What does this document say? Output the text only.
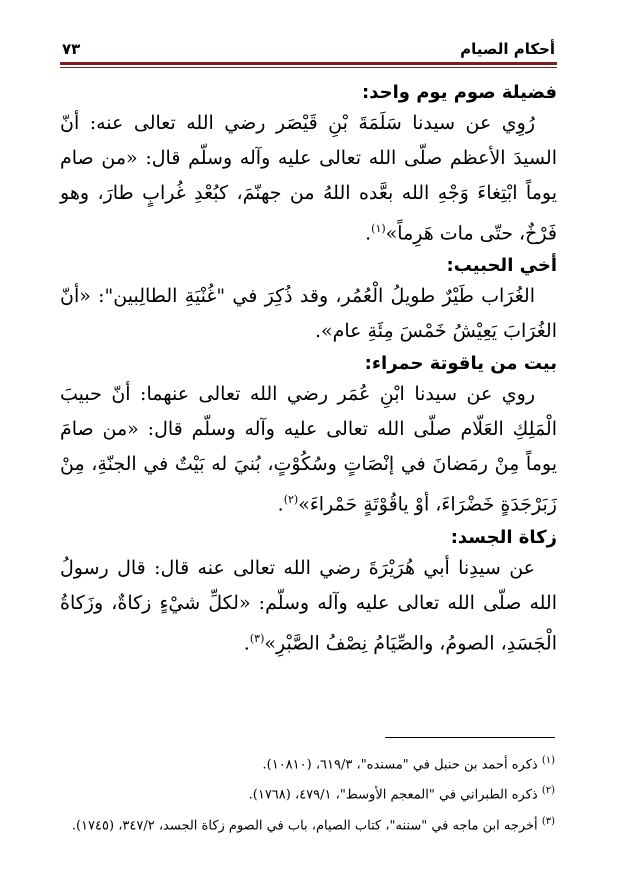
أحكام الصيام
٧٣
فضيلة صوم يوم واحد:

رُوِي عن سيدنا سَلَمَةَ بْنِ قَيْصَر رضي الله تعالى عنه: أنّ السيدَ الأعظم صلّى الله تعالى عليه وآله وسلّم قال: «من صام يوماً ابْتِغاءَ وَجْهِ الله بعَّده اللهُ من جهنّمَ، كبُعْدِ غُرابٍ طارَ، وهو فَرْخٌ، حتّى مات هَرِماً»$^{(١)}$.

أخي الحبيب:

الغُرَاب طَيْرٌ طويلُ الْعُمُر، وقد ذُكِرَ في "غُنْيَةِ الطالِبين": «أنّ الغُرَابَ يَعِيْشُ خَمْسَ مِئَةِ عام».

بيت من ياقوتة حمراء:

روي عن سيدنا ابْنِ عُمَر رضي الله تعالى عنهما: أنّ حبيبَ الْمَلِكِ العَلّام صلّى الله تعالى عليه وآله وسلّم قال: «من صامَ يوماً مِنْ رمَضانَ في إنْصَاتٍ وسُكُوْتٍ، بُنيَ له بَيْتٌ في الجنّةِ، مِنْ زَبَرْجَدَةٍ خَضْرَاءَ، أوْ ياقُوْتَةٍ حَمْراءَ»$^{(٢)}$.

زكاة الجسد:

عن سيدِنا أبي هُرَيْرَةَ رضي الله تعالى عنه قال: قال رسولُ الله صلّى الله تعالى عليه وآله وسلّم: «لكلِّ شيْءٍ زكاةٌ، وزَكاةُ الْجَسَدِ، الصومُ، والصِّيَامُ نِصْفُ الصَّبْرِ»$^{(٣)}$.

$^{(١)}$ ذكره أحمد بن حنبل في "مسنده"، ٦١٩/٣، (١٠٨١٠).

$^{(٢)}$ ذكره الطبراني في "المعجم الأوسط"، ٤٧٩/١، (١٧٦٨).

$^{(٣)}$ أخرجه ابن ماجه في "سننه"، كتاب الصيام، باب في الصوم زكاة الجسد، ٣٤٧/٢، (١٧٤٥).
